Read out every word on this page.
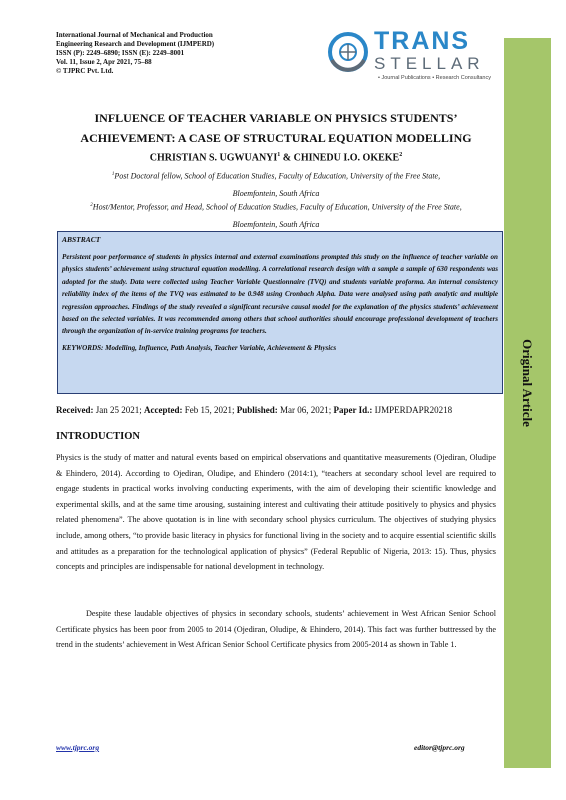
International Journal of Mechanical and Production
Engineering Research and Development (IJMPERD)
ISSN (P): 2249–6890; ISSN (E): 2249–8001
Vol. 11, Issue 2, Apr 2021, 75–88
© TJPRC Pvt. Ltd.
TRANS
STELLAR
• Journal Publications • Research Consultancy
Original Article
INFLUENCE OF TEACHER VARIABLE ON PHYSICS STUDENTS’
ACHIEVEMENT: A CASE OF STRUCTURAL EQUATION MODELLING
CHRISTIAN S. UGWUANYI$^1$ & CHINEDU I.O. OKEKE$^2$
$^1$Post Doctoral fellow, School of Education Studies, Faculty of Education, University of the Free State,
Bloemfontein, South Africa
$^2$Host/Mentor, Professor, and Head, School of Education Studies, Faculty of Education, University of the Free State,
Bloemfontein, South Africa
ABSTRACT
Persistent poor performance of students in physics internal and external examinations prompted this study on the influence of teacher variable on physics students’ achievement using structural equation modelling. A correlational research design with a sample a sample of 630 respondents was adopted for the study. Data were collected using Teacher Variable Questionnaire (TVQ) and students variable proforma. An internal consistency reliability index of the items of the TVQ was estimated to be 0.948 using Cronbach Alpha. Data were analysed using path analytic and multiple regression approaches. Findings of the study revealed a significant recursive causal model for the explanation of the physics students’ achievement based on the selected variables. It was recommended among others that school authorities should encourage professional development of teachers through the organization of in-service training programs for teachers.
KEYWORDS: Modelling, Influence, Path Analysis, Teacher Variable, Achievement & Physics
Received: Jan 25 2021; Accepted: Feb 15, 2021; Published: Mar 06, 2021; Paper Id.: IJMPERDAPR20218
INTRODUCTION
Physics is the study of matter and natural events based on empirical observations and quantitative measurements (Ojediran, Oludipe & Ehindero, 2014). According to Ojediran, Oludipe, and Ehindero (2014:1), “teachers at secondary school level are required to engage students in practical works involving conducting experiments, with the aim of developing their scientific knowledge and experimental skills, and at the same time arousing, sustaining interest and cultivating their attitude positively to physics and physics related phenomena”. The above quotation is in line with secondary school physics curriculum. The objectives of studying physics include, among others, “to provide basic literacy in physics for functional living in the society and to acquire essential scientific skills and attitudes as a preparation for the technological application of physics” (Federal Republic of Nigeria, 2013: 15). Thus, physics concepts and principles are indispensable for national development in technology.
Despite these laudable objectives of physics in secondary schools, students’ achievement in West African Senior School Certificate physics has been poor from 2005 to 2014 (Ojediran, Oludipe, & Ehindero, 2014). This fact was further buttressed by the trend in the students’ achievement in West African Senior School Certificate physics from 2005-2014 as shown in Table 1.
www.tjprc.org	editor@tjprc.org
